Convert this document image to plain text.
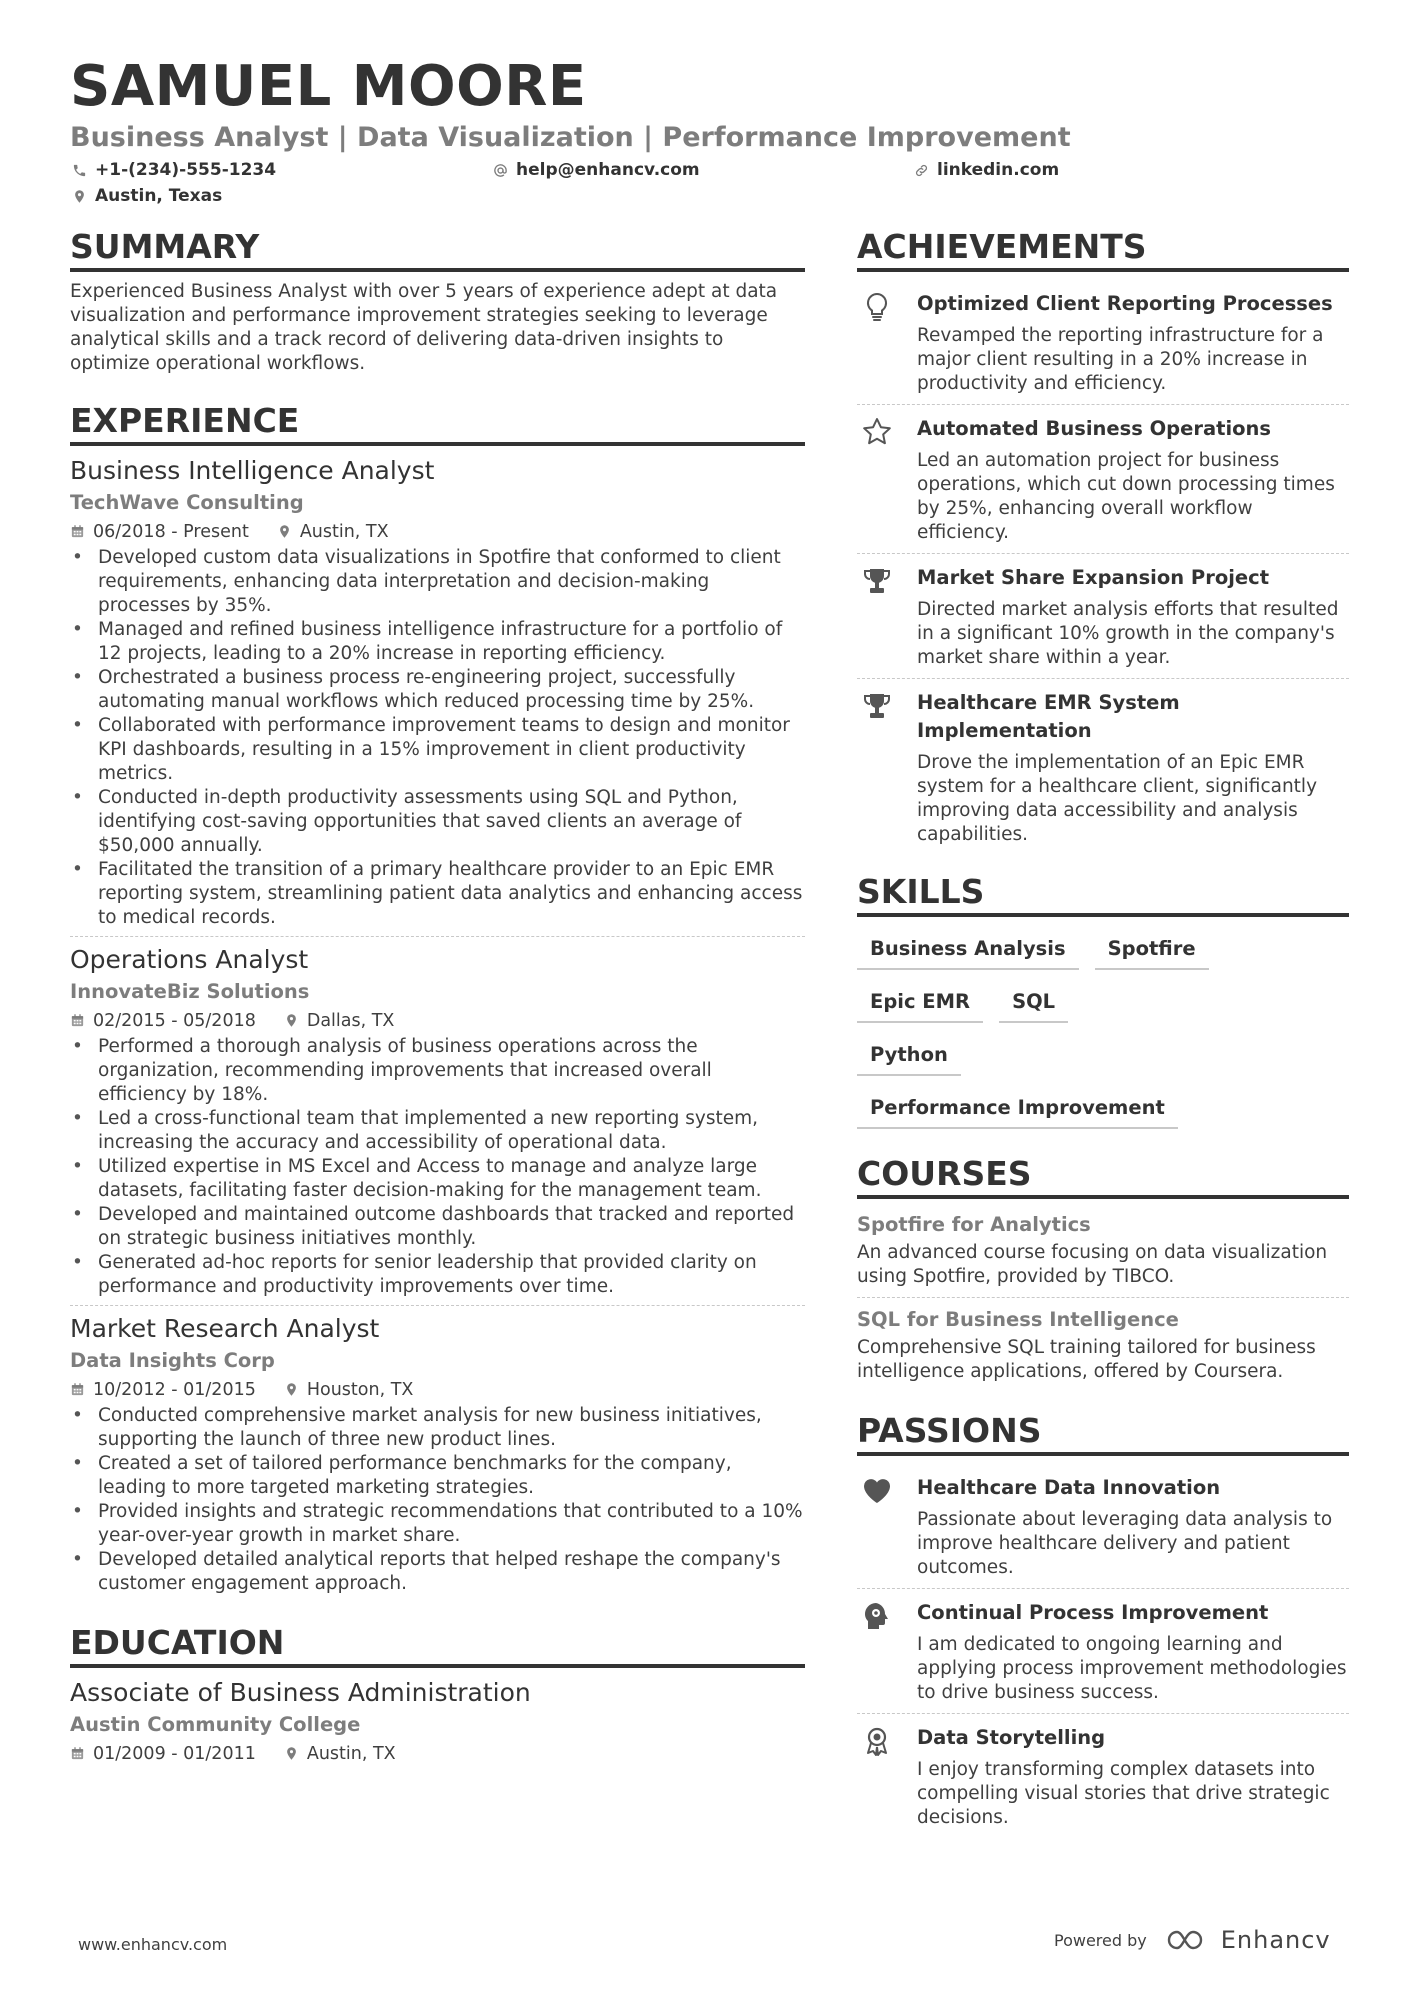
SAMUEL MOORE
Business Analyst | Data Visualization | Performance Improvement
+1-(234)-555-1234	help@enhancv.com	linkedin.com
Austin, Texas
SUMMARY
Experienced Business Analyst with over 5 years of experience adept at data visualization and performance improvement strategies seeking to leverage analytical skills and a track record of delivering data-driven insights to optimize operational workflows.
EXPERIENCE
Business Intelligence Analyst
TechWave Consulting
06/2018 - Present	Austin, TX
• Developed custom data visualizations in Spotfire that conformed to client requirements, enhancing data interpretation and decision-making processes by 35%.
• Managed and refined business intelligence infrastructure for a portfolio of 12 projects, leading to a 20% increase in reporting efficiency.
• Orchestrated a business process re-engineering project, successfully automating manual workflows which reduced processing time by 25%.
• Collaborated with performance improvement teams to design and monitor KPI dashboards, resulting in a 15% improvement in client productivity metrics.
• Conducted in-depth productivity assessments using SQL and Python, identifying cost-saving opportunities that saved clients an average of $50,000 annually.
• Facilitated the transition of a primary healthcare provider to an Epic EMR reporting system, streamlining patient data analytics and enhancing access to medical records.
Operations Analyst
InnovateBiz Solutions
02/2015 - 05/2018	Dallas, TX
• Performed a thorough analysis of business operations across the organization, recommending improvements that increased overall efficiency by 18%.
• Led a cross-functional team that implemented a new reporting system, increasing the accuracy and accessibility of operational data.
• Utilized expertise in MS Excel and Access to manage and analyze large datasets, facilitating faster decision-making for the management team.
• Developed and maintained outcome dashboards that tracked and reported on strategic business initiatives monthly.
• Generated ad-hoc reports for senior leadership that provided clarity on performance and productivity improvements over time.
Market Research Analyst
Data Insights Corp
10/2012 - 01/2015	Houston, TX
• Conducted comprehensive market analysis for new business initiatives, supporting the launch of three new product lines.
• Created a set of tailored performance benchmarks for the company, leading to more targeted marketing strategies.
• Provided insights and strategic recommendations that contributed to a 10% year-over-year growth in market share.
• Developed detailed analytical reports that helped reshape the company's customer engagement approach.
EDUCATION
Associate of Business Administration
Austin Community College
01/2009 - 01/2011	Austin, TX
ACHIEVEMENTS
Optimized Client Reporting Processes
Revamped the reporting infrastructure for a major client resulting in a 20% increase in productivity and efficiency.
Automated Business Operations
Led an automation project for business operations, which cut down processing times by 25%, enhancing overall workflow efficiency.
Market Share Expansion Project
Directed market analysis efforts that resulted in a significant 10% growth in the company's market share within a year.
Healthcare EMR System Implementation
Drove the implementation of an Epic EMR system for a healthcare client, significantly improving data accessibility and analysis capabilities.
SKILLS
Business Analysis	Spotfire
Epic EMR	SQL
Python
Performance Improvement
COURSES
Spotfire for Analytics
An advanced course focusing on data visualization using Spotfire, provided by TIBCO.
SQL for Business Intelligence
Comprehensive SQL training tailored for business intelligence applications, offered by Coursera.
PASSIONS
Healthcare Data Innovation
Passionate about leveraging data analysis to improve healthcare delivery and patient outcomes.
Continual Process Improvement
I am dedicated to ongoing learning and applying process improvement methodologies to drive business success.
Data Storytelling
I enjoy transforming complex datasets into compelling visual stories that drive strategic decisions.
www.enhancv.com	Powered by	Enhancv
